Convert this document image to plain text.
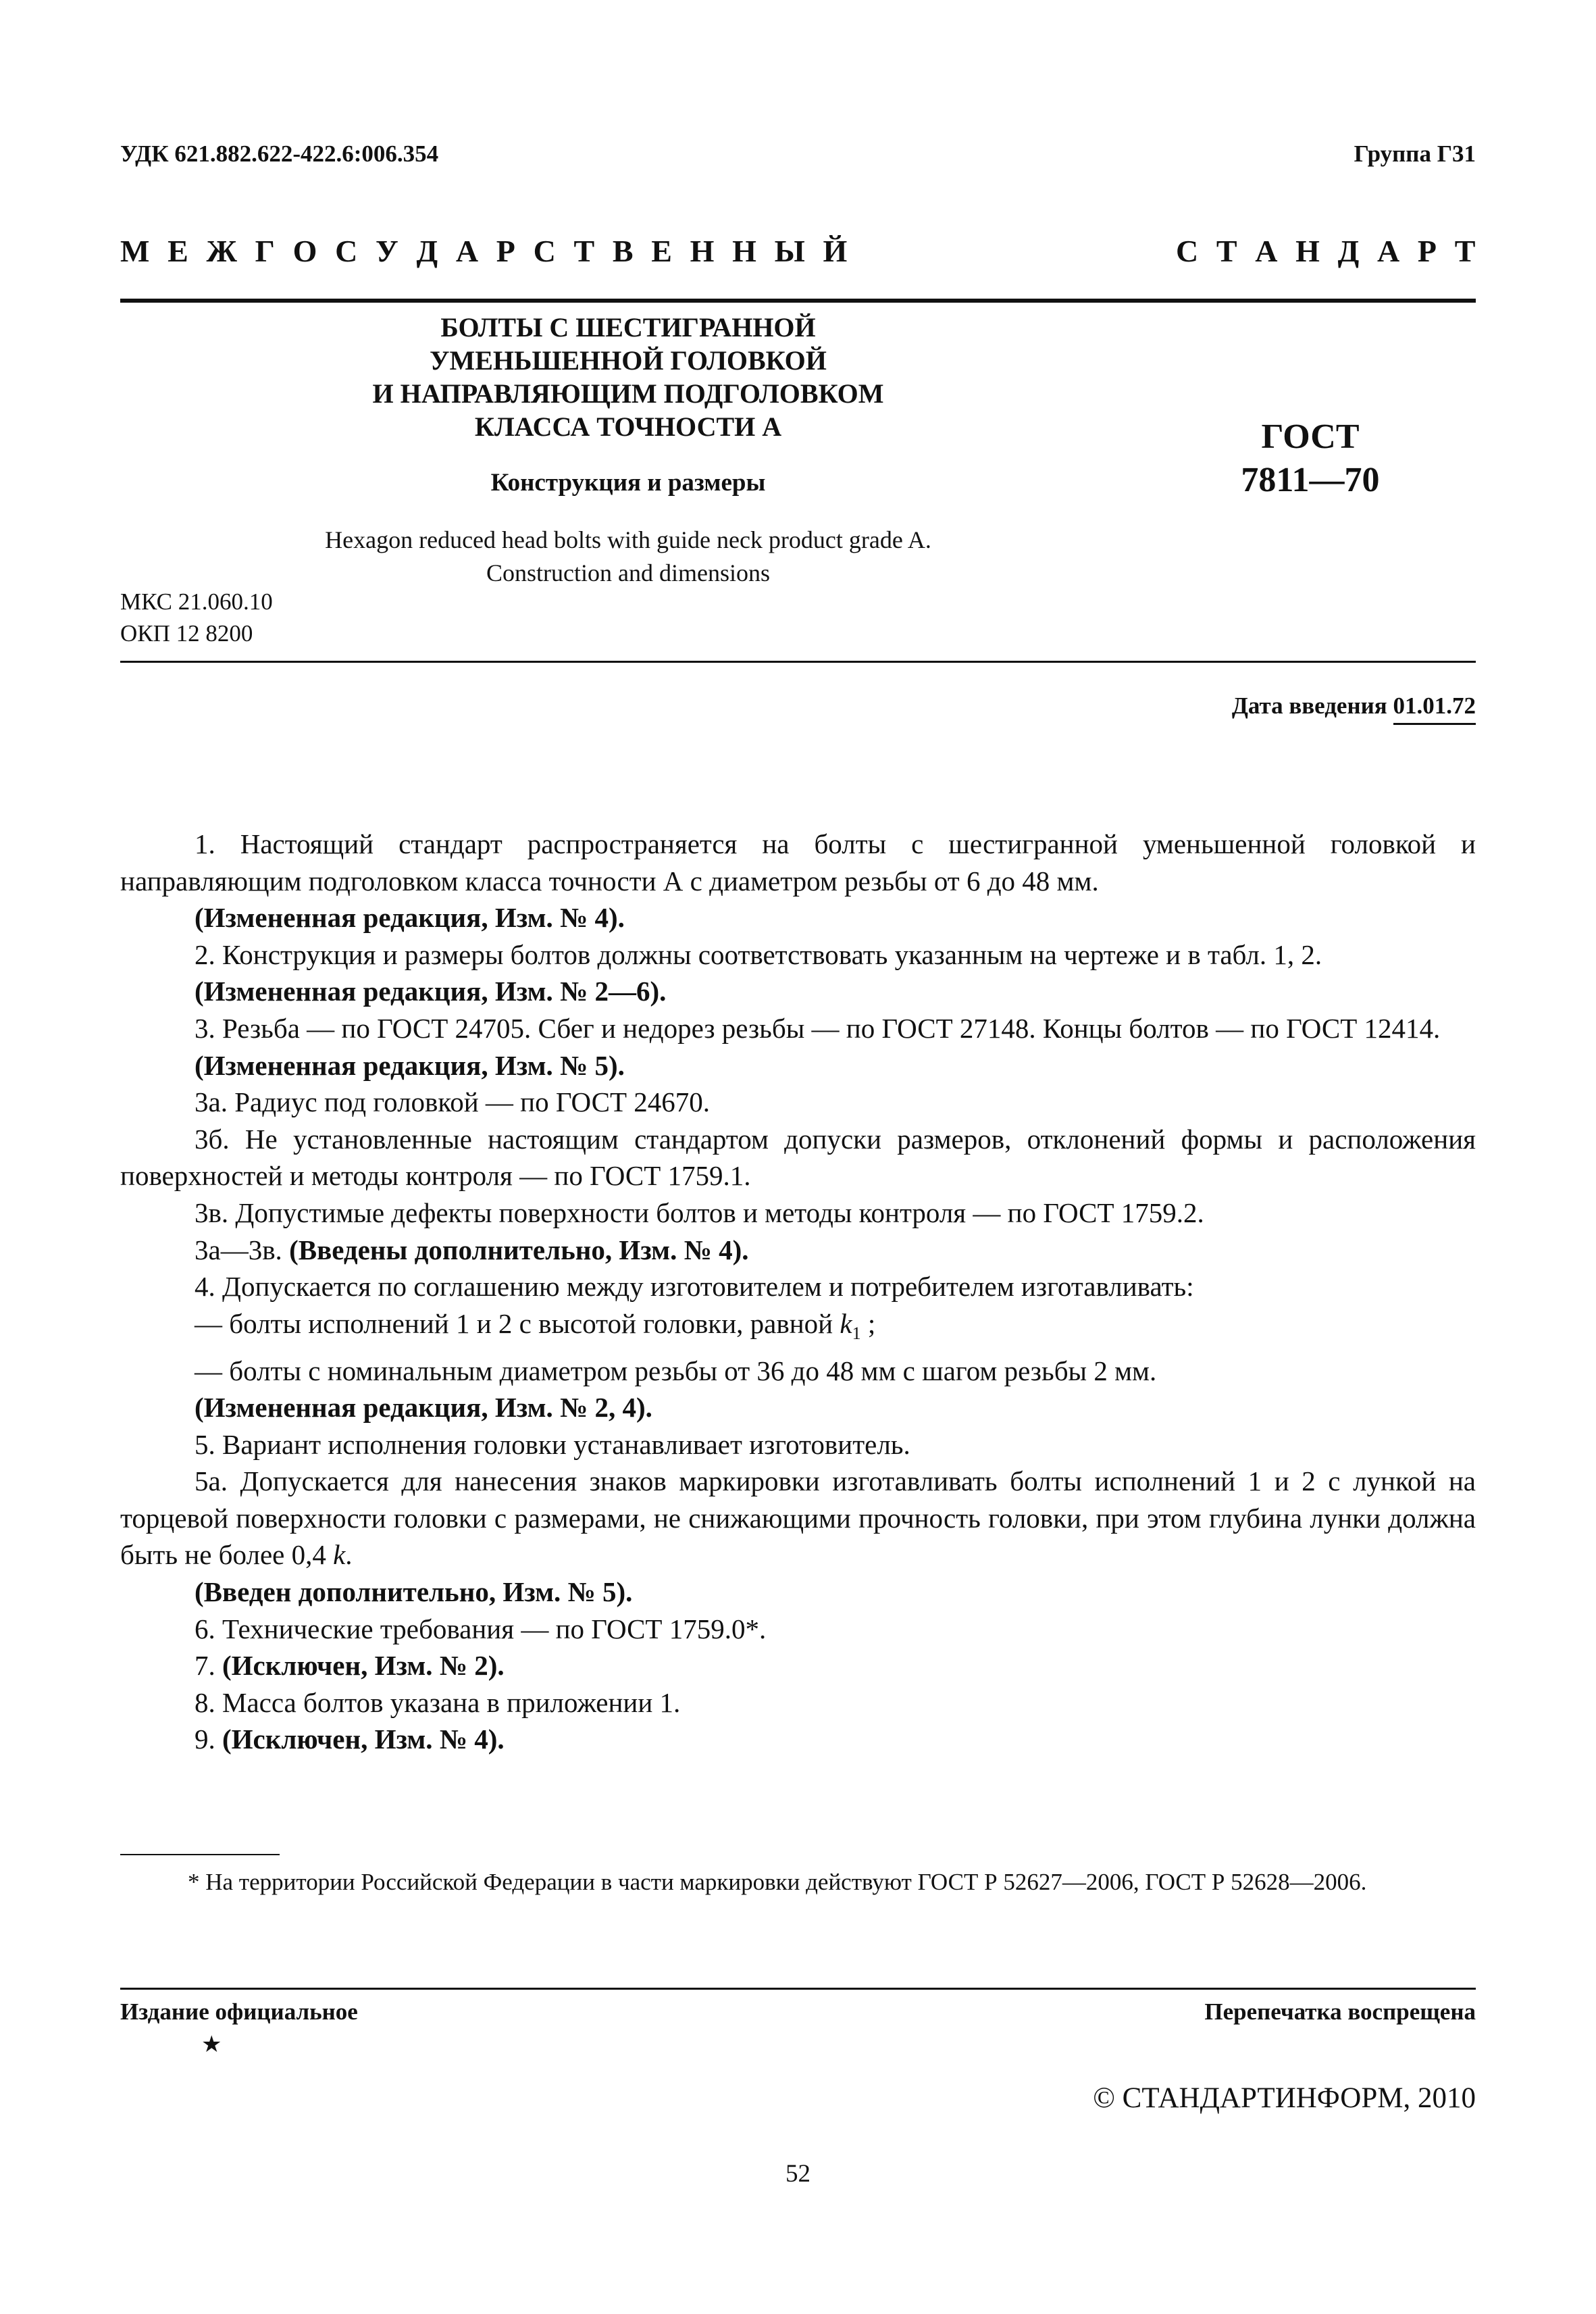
УДК 621.882.622-422.6:006.354	Группа Г31
М Е Ж Г О С У Д А Р С Т В Е Н Н Ы Й	С Т А Н Д А Р Т
БОЛТЫ С ШЕСТИГРАННОЙ
УМЕНЬШЕННОЙ ГОЛОВКОЙ
И НАПРАВЛЯЮЩИМ ПОДГОЛОВКОМ
КЛАССА ТОЧНОСТИ А
Конструкция и размеры
ГОСТ
7811—70
Hexagon reduced head bolts with guide neck product grade A.
Construction and dimensions
МКС 21.060.10
ОКП 12 8200
Дата введения 01.01.72

1. Настоящий стандарт распространяется на болты с шестигранной уменьшенной головкой и направляющим подголовком класса точности А с диаметром резьбы от 6 до 48 мм.

(Измененная редакция, Изм. № 4).

2. Конструкция и размеры болтов должны соответствовать указанным на чертеже и в табл. 1, 2.

(Измененная редакция, Изм. № 2—6).

3. Резьба — по ГОСТ 24705. Сбег и недорез резьбы — по ГОСТ 27148. Концы болтов — по ГОСТ 12414.

(Измененная редакция, Изм. № 5).

3а. Радиус под головкой — по ГОСТ 24670.

3б. Не установленные настоящим стандартом допуски размеров, отклонений формы и расположения поверхностей и методы контроля — по ГОСТ 1759.1.

3в. Допустимые дефекты поверхности болтов и методы контроля — по ГОСТ 1759.2.

3а—3в. (Введены дополнительно, Изм. № 4).

4. Допускается по соглашению между изготовителем и потребителем изготавливать:

— болты исполнений 1 и 2 с высотой головки, равной $k_1$ ;

— болты с номинальным диаметром резьбы от 36 до 48 мм с шагом резьбы 2 мм.

(Измененная редакция, Изм. № 2, 4).

5. Вариант исполнения головки устанавливает изготовитель.

5а. Допускается для нанесения знаков маркировки изготавливать болты исполнений 1 и 2 с лункой на торцевой поверхности головки с размерами, не снижающими прочность головки, при этом глубина лунки должна быть не более 0,4 k.

(Введен дополнительно, Изм. № 5).

6. Технические требования — по ГОСТ 1759.0*.

7. (Исключен, Изм. № 2).

8. Масса болтов указана в приложении 1.

9. (Исключен, Изм. № 4).

* На территории Российской Федерации в части маркировки действуют ГОСТ Р 52627—2006, ГОСТ Р 52628—2006.

Издание официальное
★
Перепечатка воспрещена
© СТАНДАРТИНФОРМ, 2010
52
